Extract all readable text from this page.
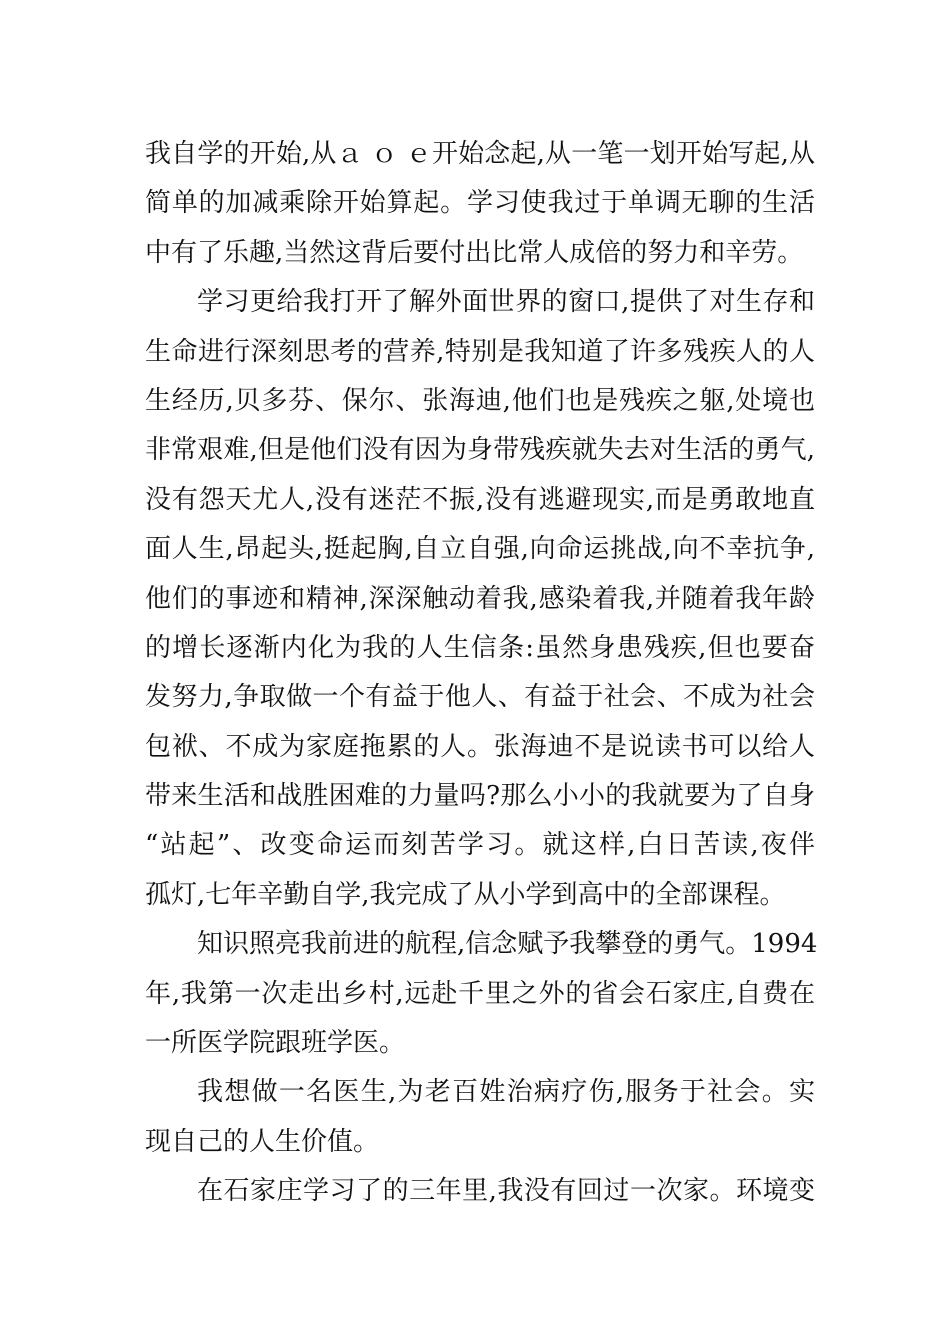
我自学的开始,从ａ ｏ ｅ开始念起,从一笔一划开始写起,从
简单的加减乘除开始算起。学习使我过于单调无聊的生活
中有了乐趣,当然这背后要付出比常人成倍的努力和辛劳。
学习更给我打开了解外面世界的窗口,提供了对生存和
生命进行深刻思考的营养,特别是我知道了许多残疾人的人
生经历,贝多芬、保尔、张海迪,他们也是残疾之躯,处境也
非常艰难,但是他们没有因为身带残疾就失去对生活的勇气,
没有怨天尤人,没有迷茫不振,没有逃避现实,而是勇敢地直
面人生,昂起头,挺起胸,自立自强,向命运挑战,向不幸抗争,
他们的事迹和精神,深深触动着我,感染着我,并随着我年龄
的增长逐渐内化为我的人生信条:虽然身患残疾,但也要奋
发努力,争取做一个有益于他人、有益于社会、不成为社会
包袱、不成为家庭拖累的人。张海迪不是说读书可以给人
带来生活和战胜困难的力量吗?那么小小的我就要为了自身
“站起”、改变命运而刻苦学习。就这样,白日苦读,夜伴
孤灯,七年辛勤自学,我完成了从小学到高中的全部课程。
知识照亮我前进的航程,信念赋予我攀登的勇气。1994
年,我第一次走出乡村,远赴千里之外的省会石家庄,自费在
一所医学院跟班学医。
我想做一名医生,为老百姓治病疗伤,服务于社会。实
现自己的人生价值。
在石家庄学习了的三年里,我没有回过一次家。环境变
